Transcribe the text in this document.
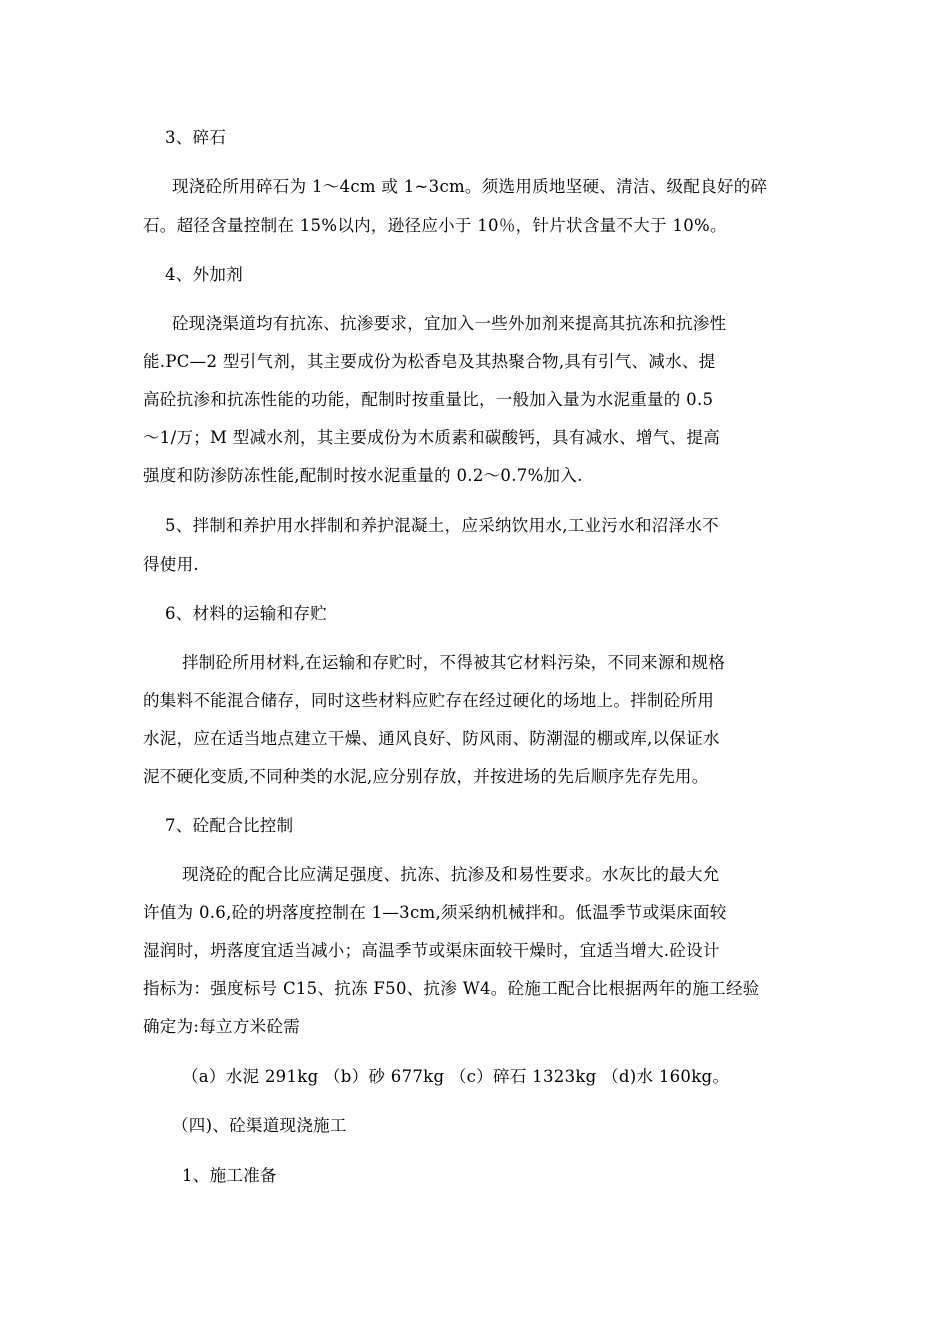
3、碎石
现浇砼所用碎石为 1～4cm 或 1~3cm。须选用质地坚硬、清洁、级配良好的碎
石。超径含量控制在 15%以内，逊径应小于 10％，针片状含量不大于 10%。
4、外加剂
砼现浇渠道均有抗冻、抗渗要求，宜加入一些外加剂来提高其抗冻和抗渗性
能.PC—2 型引气剂，其主要成份为松香皂及其热聚合物,具有引气、减水、提
高砼抗渗和抗冻性能的功能，配制时按重量比，一般加入量为水泥重量的 0.5
～1/万；M 型减水剂，其主要成份为木质素和碳酸钙，具有减水、增气、提高
强度和防渗防冻性能,配制时按水泥重量的 0.2～0.7%加入.
5、拌制和养护用水拌制和养护混凝土，应采纳饮用水,工业污水和沼泽水不
得使用.
6、材料的运输和存贮
拌制砼所用材料,在运输和存贮时，不得被其它材料污染，不同来源和规格
的集料不能混合储存，同时这些材料应贮存在经过硬化的场地上。拌制砼所用
水泥，应在适当地点建立干燥、通风良好、防风雨、防潮湿的棚或库,以保证水
泥不硬化变质,不同种类的水泥,应分别存放，并按进场的先后顺序先存先用。
7、砼配合比控制
现浇砼的配合比应满足强度、抗冻、抗渗及和易性要求。水灰比的最大允
许值为 0.6,砼的坍落度控制在 1—3cm,须采纳机械拌和。低温季节或渠床面较
湿润时，坍落度宜适当减小；高温季节或渠床面较干燥时，宜适当增大.砼设计
指标为：强度标号 C15、抗冻 F50、抗渗 W4。砼施工配合比根据两年的施工经验
确定为:每立方米砼需
（a）水泥 291kg （b）砂 677kg （c）碎石 1323kg （d)水 160kg。
（四)、砼渠道现浇施工
1、施工准备
